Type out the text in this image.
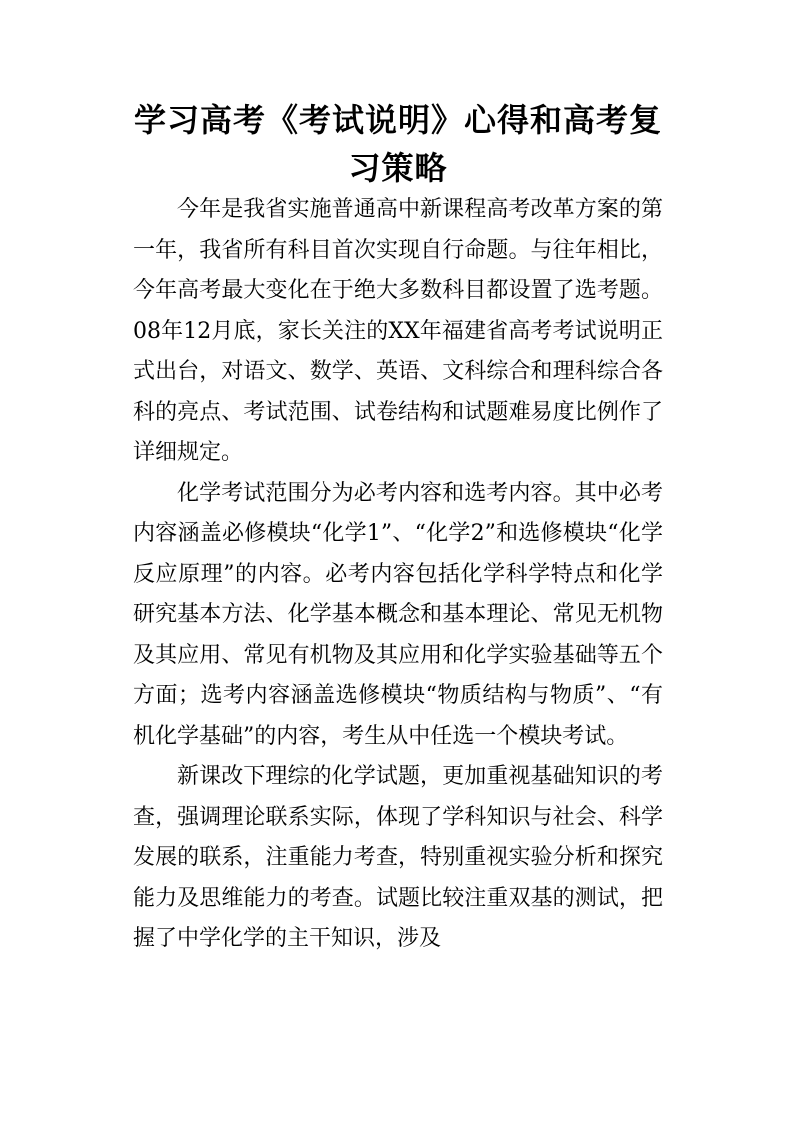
学习高考《考试说明》心得和高考复习策略

今年是我省实施普通高中新课程高考改革方案的第一年，我省所有科目首次实现自行命题。与往年相比，今年高考最大变化在于绝大多数科目都设置了选考题。08年12月底，家长关注的XX年福建省高考考试说明正式出台，对语文、数学、英语、文科综合和理科综合各科的亮点、考试范围、试卷结构和试题难易度比例作了详细规定。

化学考试范围分为必考内容和选考内容。其中必考内容涵盖必修模块“化学1”、“化学2”和选修模块“化学反应原理”的内容。必考内容包括化学科学特点和化学研究基本方法、化学基本概念和基本理论、常见无机物及其应用、常见有机物及其应用和化学实验基础等五个方面；选考内容涵盖选修模块“物质结构与物质”、“有机化学基础”的内容，考生从中任选一个模块考试。

新课改下理综的化学试题，更加重视基础知识的考查，强调理论联系实际，体现了学科知识与社会、科学发展的联系，注重能力考查，特别重视实验分析和探究能力及思维能力的考查。试题比较注重双基的测试，把握了中学化学的主干知识，涉及
